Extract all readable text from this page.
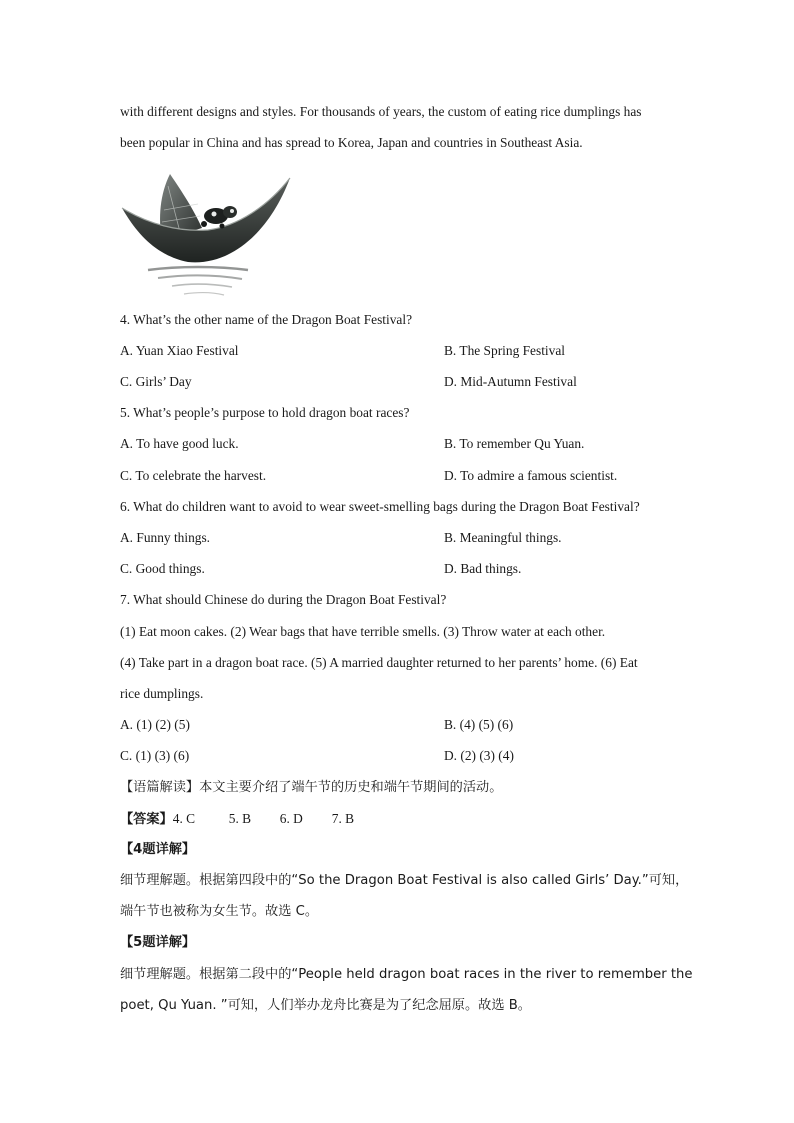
with different designs and styles. For thousands of years, the custom of eating rice dumplings has
been popular in China and has spread to Korea, Japan and countries in Southeast Asia.
4. What’s the other name of the Dragon Boat Festival?
A. Yuan Xiao Festival	B. The Spring Festival
C. Girls’ Day	D. Mid-Autumn Festival
5. What’s people’s purpose to hold dragon boat races?
A. To have good luck.	B. To remember Qu Yuan.
C. To celebrate the harvest.	D. To admire a famous scientist.
6. What do children want to avoid to wear sweet-smelling bags during the Dragon Boat Festival?
A. Funny things.	B. Meaningful things.
C. Good things.	D. Bad things.
7. What should Chinese do during the Dragon Boat Festival?
(1) Eat moon cakes. (2) Wear bags that have terrible smells. (3) Throw water at each other.
(4) Take part in a dragon boat race. (5) A married daughter returned to her parents’ home. (6) Eat
rice dumplings.
A. (1) (2) (5)	B. (4) (5) (6)
C. (1) (3) (6)	D. (2) (3) (4)
【语篇解读】本文主要介绍了端午节的历史和端午节期间的活动。
【答案】4. C	5. B 6. D 7. B
【4题详解】
细节理解题。根据第四段中的“So the Dragon Boat Festival is also called Girls’ Day.”可知，
端午节也被称为女生节。故选 C。
【5题详解】
细节理解题。根据第二段中的“People held dragon boat races in the river to remember the
poet, Qu Yuan. ”可知，人们举办龙舟比赛是为了纪念屈原。故选 B。
